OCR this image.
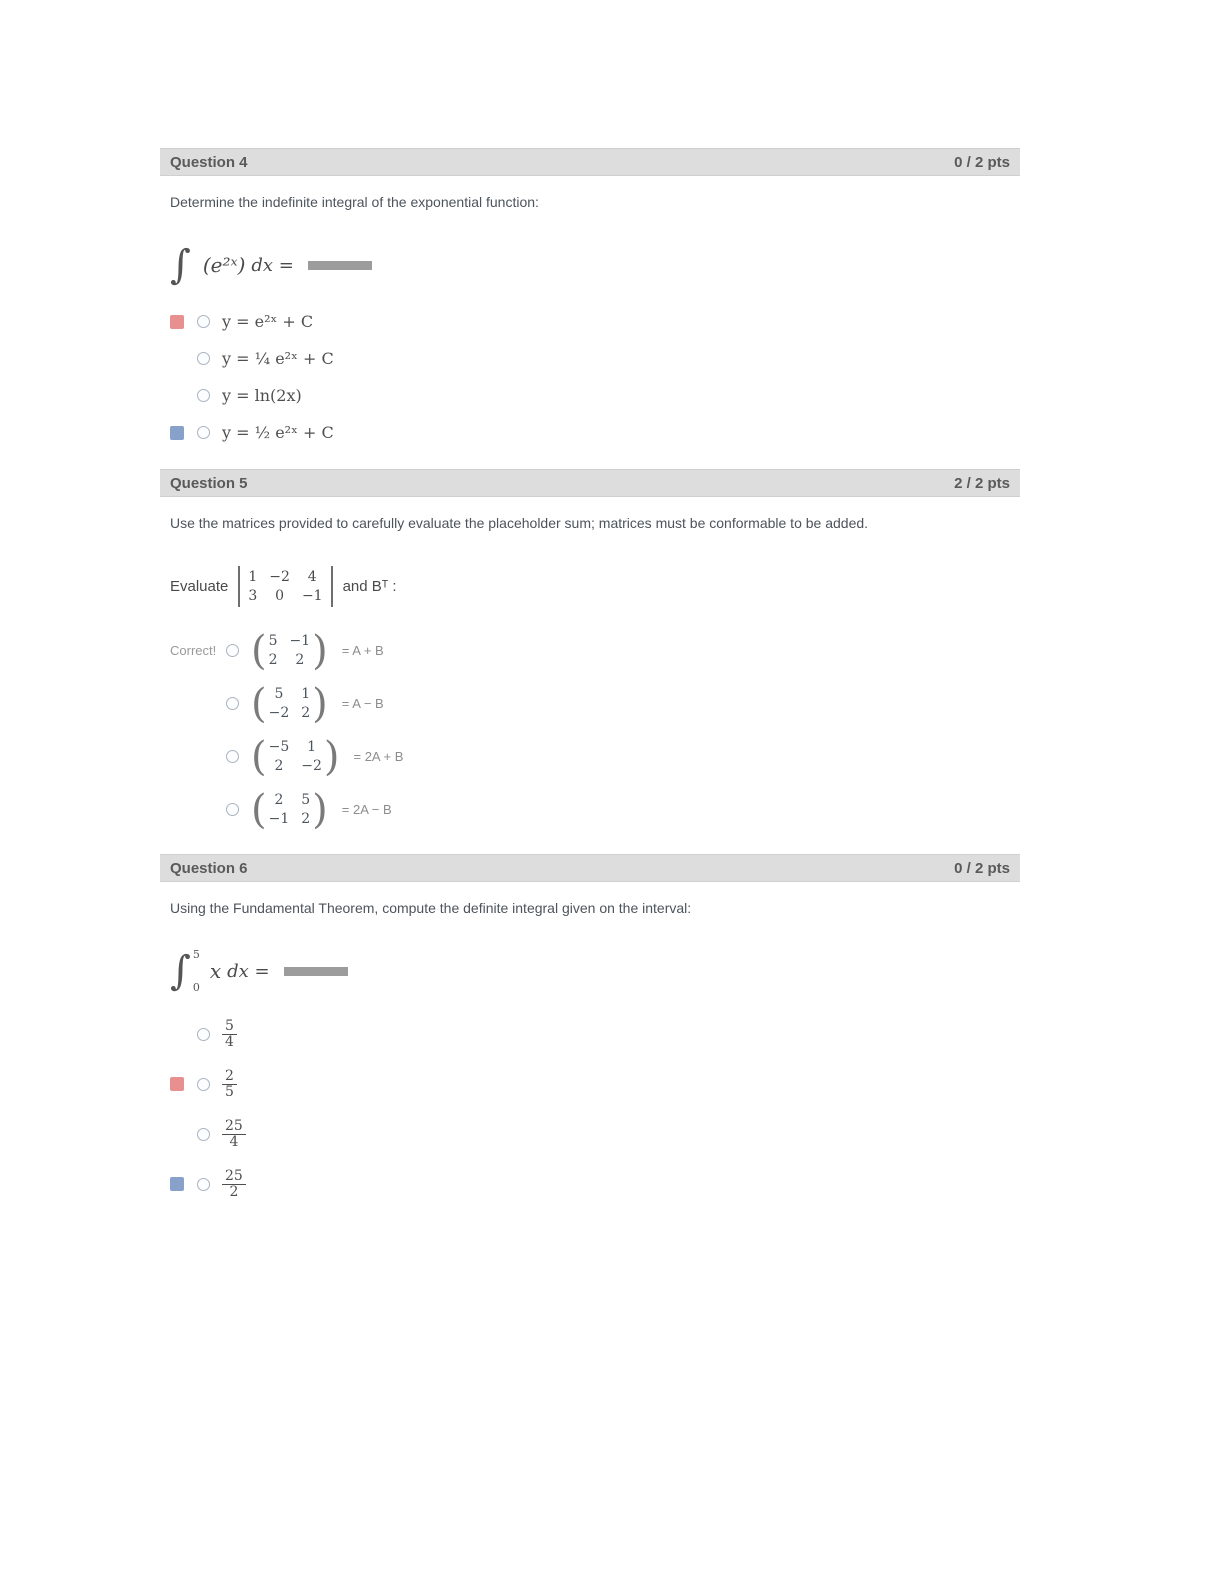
Question 4	0 / 2 pts

Determine the indefinite integral of the exponential function:

∫ (e²ˣ) dx =
y = e²ˣ + C
y = ¼ e²ˣ + C
y = ln(2x)
y = ½ e²ˣ + C
Question 5	2 / 2 pts

Use the matrices provided to carefully evaluate the placeholder sum; matrices must be conformable to be added.

Evaluate
1 −2	4
3	0	−1
and Bᵀ :
Correct! ( 5 −1
2	2 ) = A + B
( 5	1
−2 2 ) = A − B
( −5	1
2	−2 ) = 2A + B
( 2	5
−1 2 ) = 2A − B
Question 6	0 / 2 pts

Using the Fundamental Theorem, compute the definite integral given on the interval:

∫ 5
0
x dx =
$\frac{5}{4}$
$\frac{2}{5}$
$\frac{25}{4}$
$\frac{25}{2}$
